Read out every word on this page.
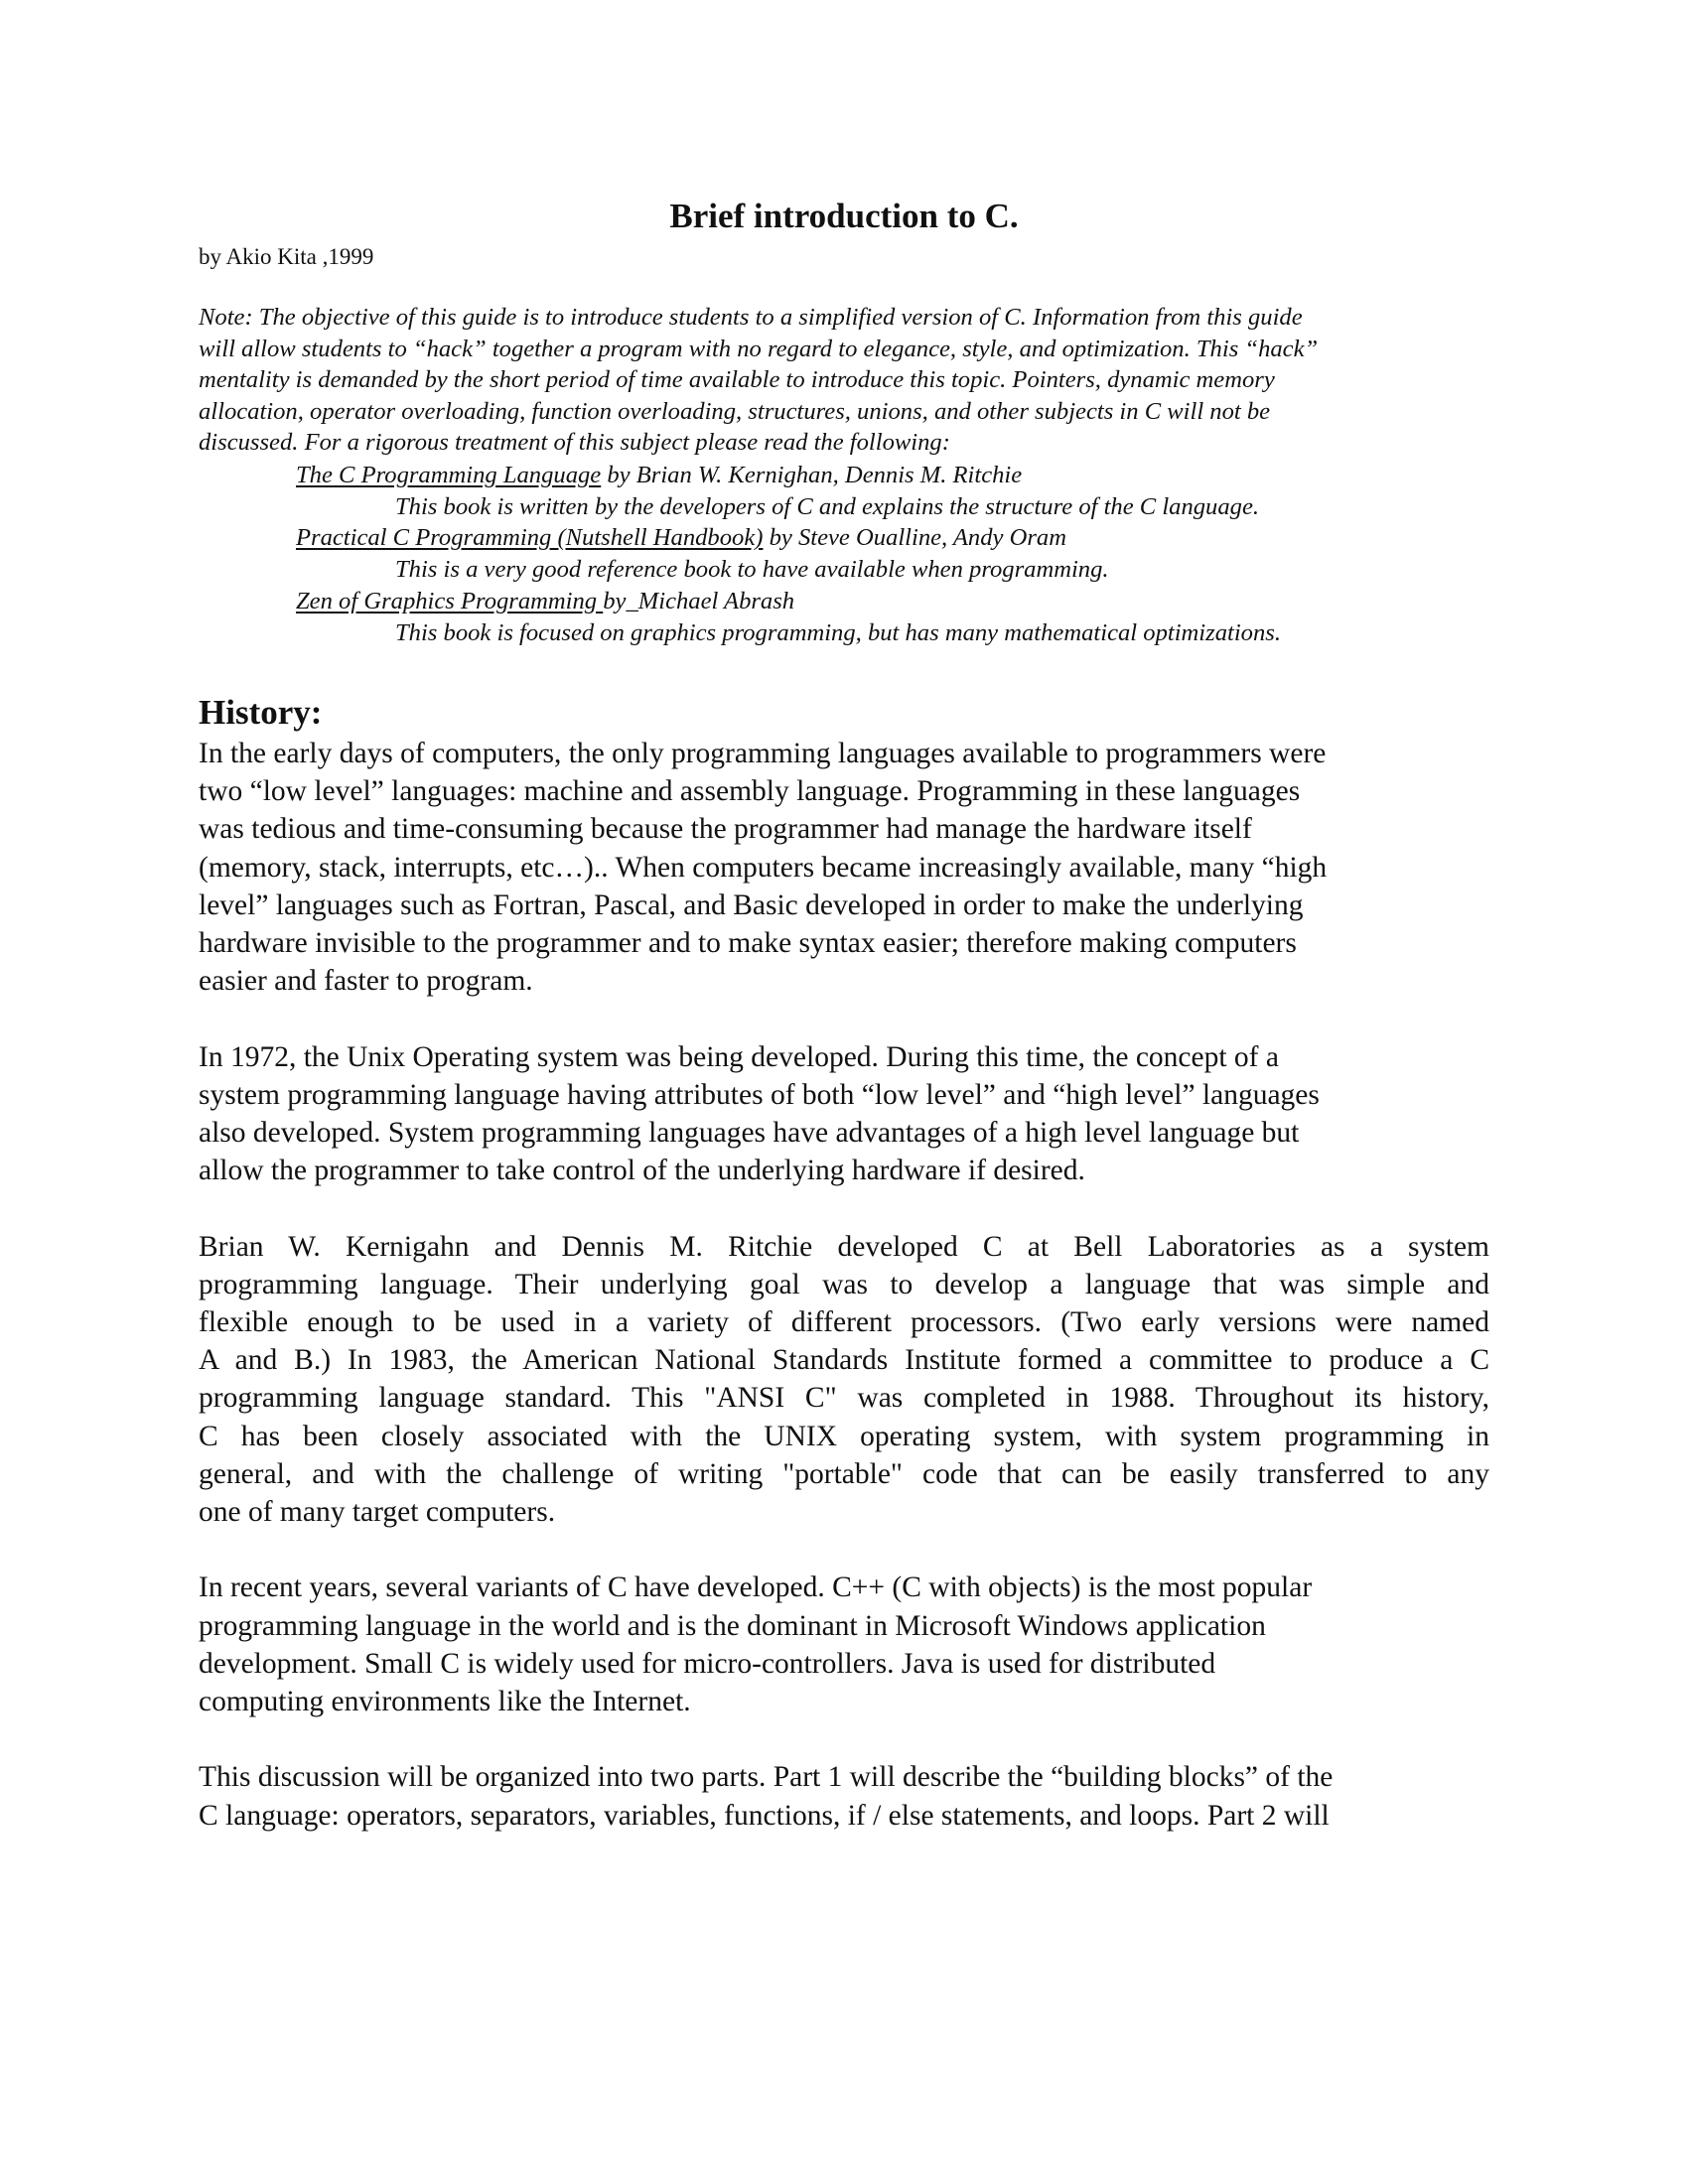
Brief introduction to C.

by Akio Kita ,1999

Note: The objective of this guide is to introduce students to a simplified version of C. Information from this guide

will allow students to “hack” together a program with no regard to elegance, style, and optimization. This “hack”

mentality is demanded by the short period of time available to introduce this topic. Pointers, dynamic memory

allocation, operator overloading, function overloading, structures, unions, and other subjects in C will not be

discussed. For a rigorous treatment of this subject please read the following:

The C Programming Language by Brian W. Kernighan, Dennis M. Ritchie
This book is written by the developers of C and explains the structure of the C language.
Practical C Programming (Nutshell Handbook) by Steve Oualline, Andy Oram
This is a very good reference book to have available when programming.
Zen of Graphics Programming by_Michael Abrash
This book is focused on graphics programming, but has many mathematical optimizations.
History:

In the early days of computers, the only programming languages available to programmers were
two “low level” languages: machine and assembly language. Programming in these languages
was tedious and time-consuming because the programmer had manage the hardware itself
(memory, stack, interrupts, etc…).. When computers became increasingly available, many “high
level” languages such as Fortran, Pascal, and Basic developed in order to make the underlying
hardware invisible to the programmer and to make syntax easier; therefore making computers
easier and faster to program.

In 1972, the Unix Operating system was being developed. During this time, the concept of a
system programming language having attributes of both “low level” and “high level” languages
also developed. System programming languages have advantages of a high level language but
allow the programmer to take control of the underlying hardware if desired.

Brian W. Kernigahn and Dennis M. Ritchie developed C at Bell Laboratories as a system
programming language. Their underlying goal was to develop a language that was simple and
flexible enough to be used in a variety of different processors. (Two early versions were named
A and B.) In 1983, the American National Standards Institute formed a committee to produce a C
programming language standard. This "ANSI C" was completed in 1988. Throughout its history,
C has been closely associated with the UNIX operating system, with system programming in
general, and with the challenge of writing "portable" code that can be easily transferred to any
one of many target computers.

In recent years, several variants of C have developed. C++ (C with objects) is the most popular
programming language in the world and is the dominant in Microsoft Windows application
development. Small C is widely used for micro-controllers. Java is used for distributed
computing environments like the Internet.

This discussion will be organized into two parts. Part 1 will describe the “building blocks” of the
C language: operators, separators, variables, functions, if / else statements, and loops. Part 2 will
